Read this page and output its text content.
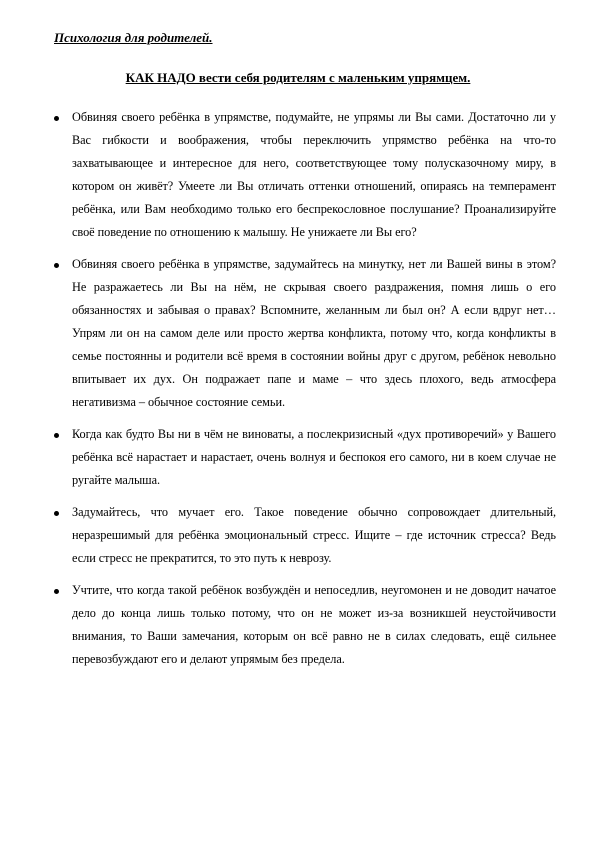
Психология для родителей.
КАК НАДО вести себя родителям с маленьким упрямцем.
Обвиняя своего ребёнка в упрямстве, подумайте, не упрямы ли Вы сами. Достаточно ли у Вас гибкости и воображения, чтобы переключить упрямство ребёнка на что-то захватывающее и интересное для него, соответствующее тому полусказочному миру, в котором он живёт? Умеете ли Вы отличать оттенки отношений, опираясь на темперамент ребёнка, или Вам необходимо только его беспрекословное послушание? Проанализируйте своё поведение по отношению к малышу. Не унижаете ли Вы его?
Обвиняя своего ребёнка в упрямстве, задумайтесь на минутку, нет ли Вашей вины в этом? Не разражаетесь ли Вы на нём, не скрывая своего раздражения, помня лишь о его обязанностях и забывая о правах? Вспомните, желанным ли был он? А если вдруг нет… Упрям ли он на самом деле или просто жертва конфликта, потому что, когда конфликты в семье постоянны и родители всё время в состоянии войны друг с другом, ребёнок невольно впитывает их дух. Он подражает папе и маме – что здесь плохого, ведь атмосфера негативизма – обычное состояние семьи.
Когда как будто Вы ни в чём не виноваты, а послекризисный «дух противоречий» у Вашего ребёнка всё нарастает и нарастает, очень волнуя и беспокоя его самого, ни в коем случае не ругайте малыша.
Задумайтесь, что мучает его. Такое поведение обычно сопровождает длительный, неразрешимый для ребёнка эмоциональный стресс. Ищите – где источник стресса? Ведь если стресс не прекратится, то это путь к неврозу.
Учтите, что когда такой ребёнок возбуждён и непоседлив, неугомонен и не доводит начатое дело до конца лишь только потому, что он не может из-за возникшей неустойчивости внимания, то Ваши замечания, которым он всё равно не в силах следовать, ещё сильнее перевозбуждают его и делают упрямым без предела.
